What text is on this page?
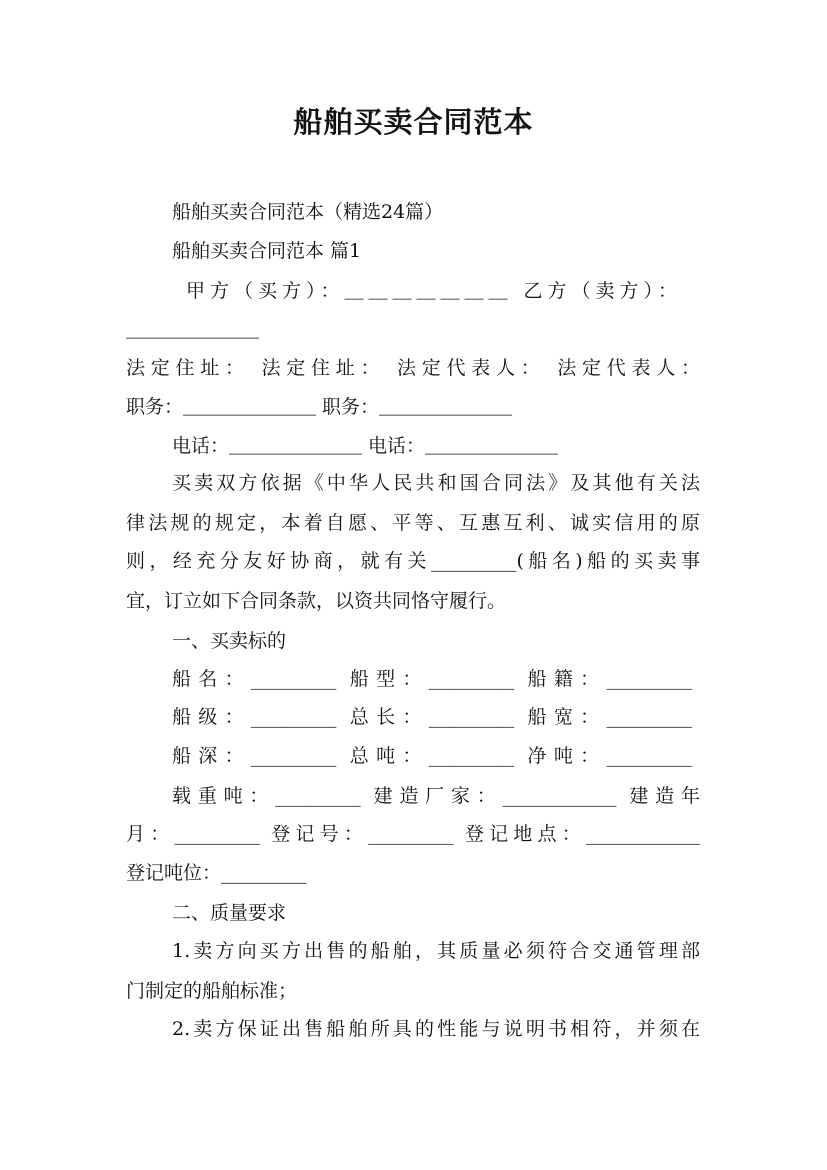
船舶买卖合同范本
船舶买卖合同范本（精选24篇）
船舶买卖合同范本 篇1
甲方（买方）：＿＿＿＿＿＿＿ 乙方（卖方）：
＿＿＿＿＿＿＿
法定住址： 法定住址： 法定代表人： 法定代表人：
职务：＿＿＿＿＿＿＿ 职务：＿＿＿＿＿＿＿
电话：＿＿＿＿＿＿＿ 电话：＿＿＿＿＿＿＿
买卖双方依据《中华人民共和国合同法》及其他有关法
律法规的规定，本着自愿、平等、互惠互利、诚实信用的原
则，经充分友好协商，就有关_________(船名)船的买卖事
宜，订立如下合同条款，以资共同恪守履行。
一、买卖标的
船名：_________ 船型：_________ 船籍：_________
船级：_________ 总长：_________ 船宽：_________
船深：_________ 总吨：_________ 净吨：_________
载重吨：_________ 建造厂家：____________ 建造年
月：_________ 登记号：_________ 登记地点：____________
登记吨位：_________
二、质量要求
1.卖方向买方出售的船舶，其质量必须符合交通管理部
门制定的船舶标准；
2.卖方保证出售船舶所具的性能与说明书相符，并须在
